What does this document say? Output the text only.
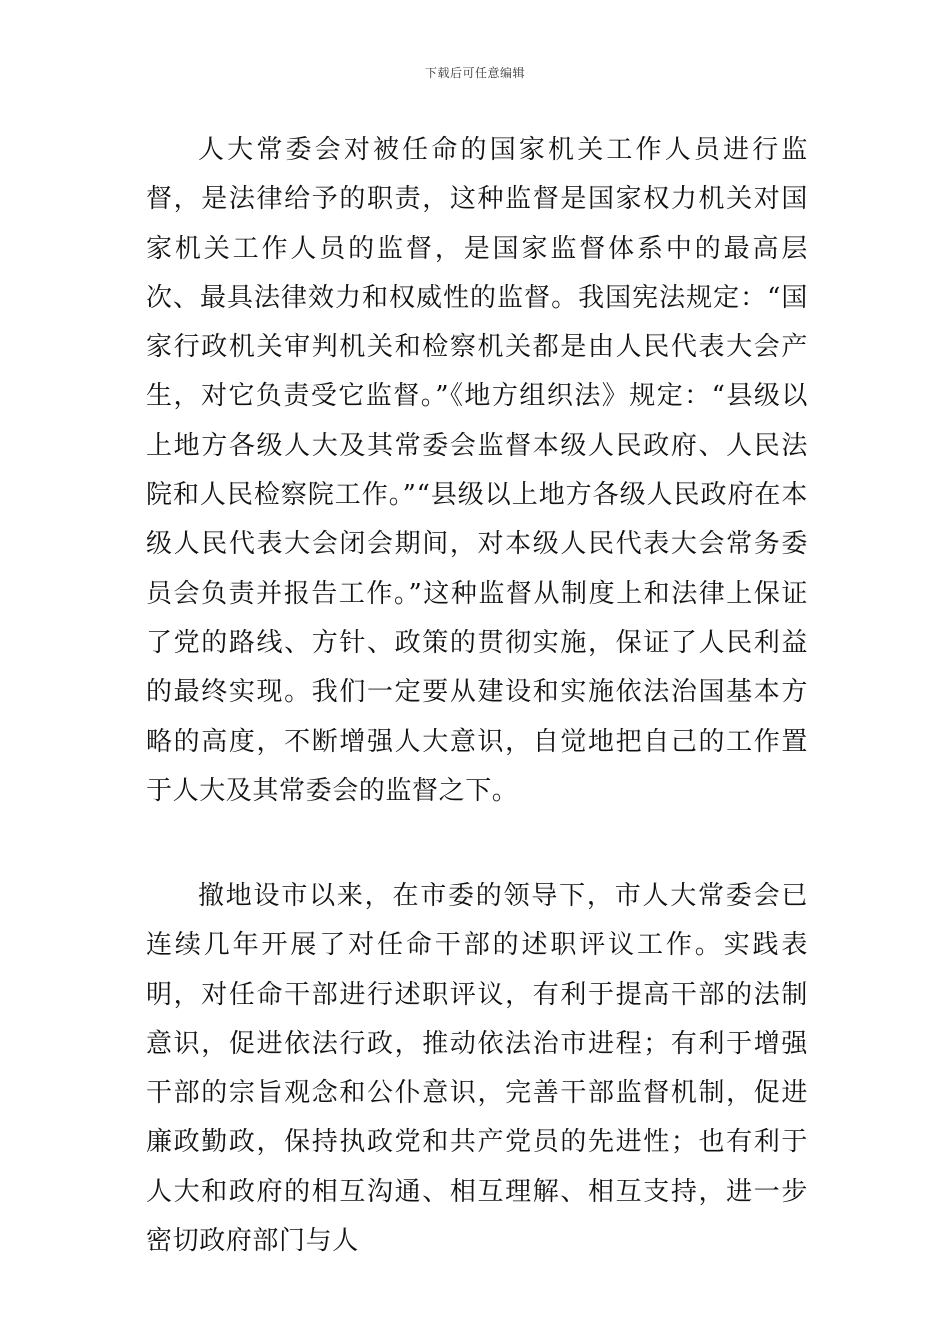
下载后可任意编辑

人大常委会对被任命的国家机关工作人员进行监督，是法律给予的职责，这种监督是国家权力机关对国家机关工作人员的监督，是国家监督体系中的最高层次、最具法律效力和权威性的监督。我国宪法规定：“国家行政机关审判机关和检察机关都是由人民代表大会产生，对它负责受它监督。”《地方组织法》规定：“县级以上地方各级人大及其常委会监督本级人民政府、人民法院和人民检察院工作。”“县级以上地方各级人民政府在本级人民代表大会闭会期间，对本级人民代表大会常务委员会负责并报告工作。”这种监督从制度上和法律上保证了党的路线、方针、政策的贯彻实施，保证了人民利益的最终实现。我们一定要从建设和实施依法治国基本方略的高度，不断增强人大意识，自觉地把自己的工作置于人大及其常委会的监督之下。

撤地设市以来，在市委的领导下，市人大常委会已连续几年开展了对任命干部的述职评议工作。实践表明，对任命干部进行述职评议，有利于提高干部的法制意识，促进依法行政，推动依法治市进程；有利于增强干部的宗旨观念和公仆意识，完善干部监督机制，促进廉政勤政，保持执政党和共产党员的先进性；也有利于人大和政府的相互沟通、相互理解、相互支持，进一步密切政府部门与人
